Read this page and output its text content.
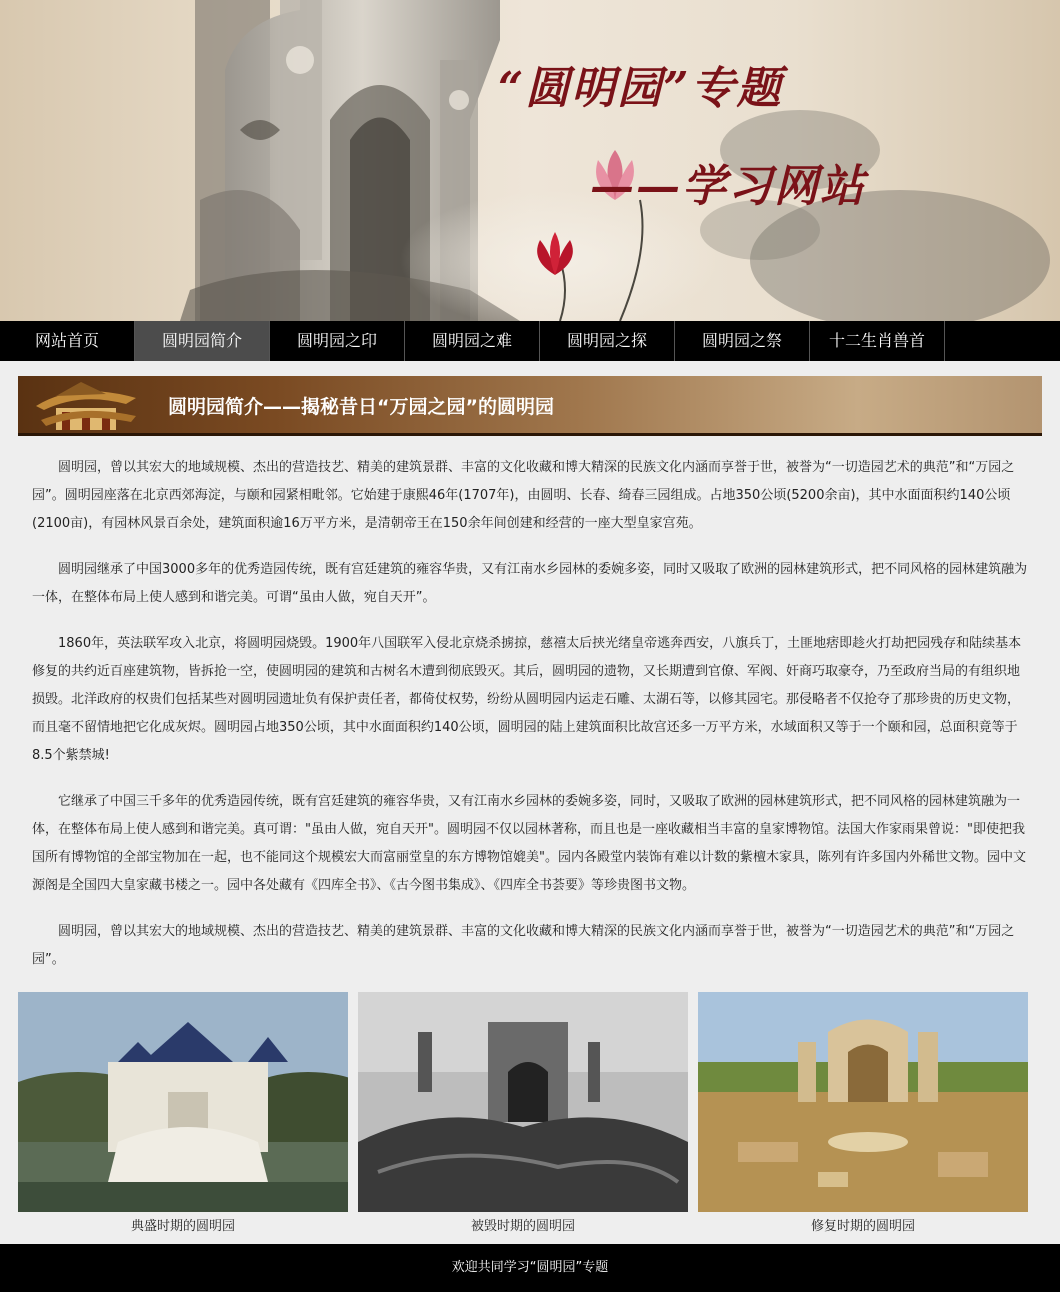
“圆明园”专题
——学习网站
网站首页	圆明园简介	圆明园之印	圆明园之难	圆明园之探	圆明园之祭	十二生肖兽首
圆明园简介——揭秘昔日“万园之园”的圆明园

圆明园，曾以其宏大的地域规模、杰出的营造技艺、精美的建筑景群、丰富的文化收藏和博大精深的民族文化内涵而享誉于世，被誉为“一切造园艺术的典范”和“万园之园”。圆明园座落在北京西郊海淀，与颐和园紧相毗邻。它始建于康熙46年(1707年)，由圆明、长春、绮春三园组成。占地350公顷(5200余亩)，其中水面面积约140公顷(2100亩)，有园林风景百余处，建筑面积逾16万平方米，是清朝帝王在150余年间创建和经营的一座大型皇家宫苑。

圆明园继承了中国3000多年的优秀造园传统，既有宫廷建筑的雍容华贵，又有江南水乡园林的委婉多姿，同时又吸取了欧洲的园林建筑形式，把不同风格的园林建筑融为一体，在整体布局上使人感到和谐完美。可谓“虽由人做，宛自天开”。

1860年，英法联军攻入北京，将圆明园烧毁。1900年八国联军入侵北京烧杀掳掠，慈禧太后挟光绪皇帝逃奔西安，八旗兵丁，土匪地痞即趁火打劫把园残存和陆续基本修复的共约近百座建筑物，皆拆抢一空，使圆明园的建筑和古树名木遭到彻底毁灭。其后，圆明园的遗物，又长期遭到官僚、军阀、奸商巧取豪夺，乃至政府当局的有组织地损毁。北洋政府的权贵们包括某些对圆明园遗址负有保护责任者，都倚仗权势，纷纷从圆明园内运走石雕、太湖石等，以修其园宅。那侵略者不仅抢夺了那珍贵的历史文物，而且毫不留情地把它化成灰烬。圆明园占地350公顷，其中水面面积约140公顷，圆明园的陆上建筑面积比故宫还多一万平方米，水域面积又等于一个颐和园，总面积竟等于8.5个紫禁城!

它继承了中国三千多年的优秀造园传统，既有宫廷建筑的雍容华贵，又有江南水乡园林的委婉多姿，同时，又吸取了欧洲的园林建筑形式，把不同风格的园林建筑融为一体，在整体布局上使人感到和谐完美。真可谓："虽由人做，宛自天开"。圆明园不仅以园林著称，而且也是一座收藏相当丰富的皇家博物馆。法国大作家雨果曾说："即使把我国所有博物馆的全部宝物加在一起，也不能同这个规模宏大而富丽堂皇的东方博物馆媲美"。园内各殿堂内装饰有难以计数的紫檀木家具，陈列有许多国内外稀世文物。园中文源阁是全国四大皇家藏书楼之一。园中各处藏有《四库全书》、《古今图书集成》、《四库全书荟要》等珍贵图书文物。

圆明园，曾以其宏大的地域规模、杰出的营造技艺、精美的建筑景群、丰富的文化收藏和博大精深的民族文化内涵而享誉于世，被誉为“一切造园艺术的典范”和“万园之园”。

典盛时期的圆明园	被毁时期的圆明园	修复时期的圆明园
欢迎共同学习“圆明园”专题
